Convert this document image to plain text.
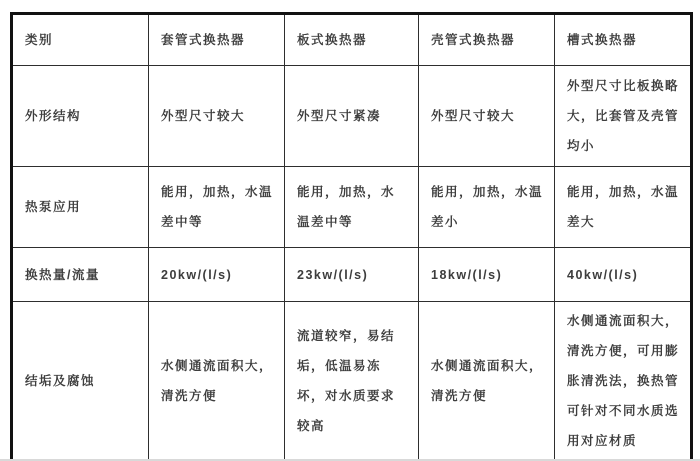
类别	套管式换热器	板式换热器	壳管式换热器	槽式换热器
外形结构	外型尺寸较大	外型尺寸紧凑	外型尺寸较大	外型尺寸比板换略大，比套管及壳管均小
热泵应用	能用，加热，水温差中等	能用，加热，水温差中等	能用，加热，水温差小	能用，加热，水温差大
换热量/流量	20kw/(l/s)	23kw/(l/s)	18kw/(l/s)	40kw/(l/s)
结垢及腐蚀	水侧通流面积大，清洗方便	流道较窄，易结垢，低温易冻坏，对水质要求较高	水侧通流面积大，清洗方便	水侧通流面积大，清洗方便，可用膨胀清洗法，换热管可针对不同水质选用对应材质
